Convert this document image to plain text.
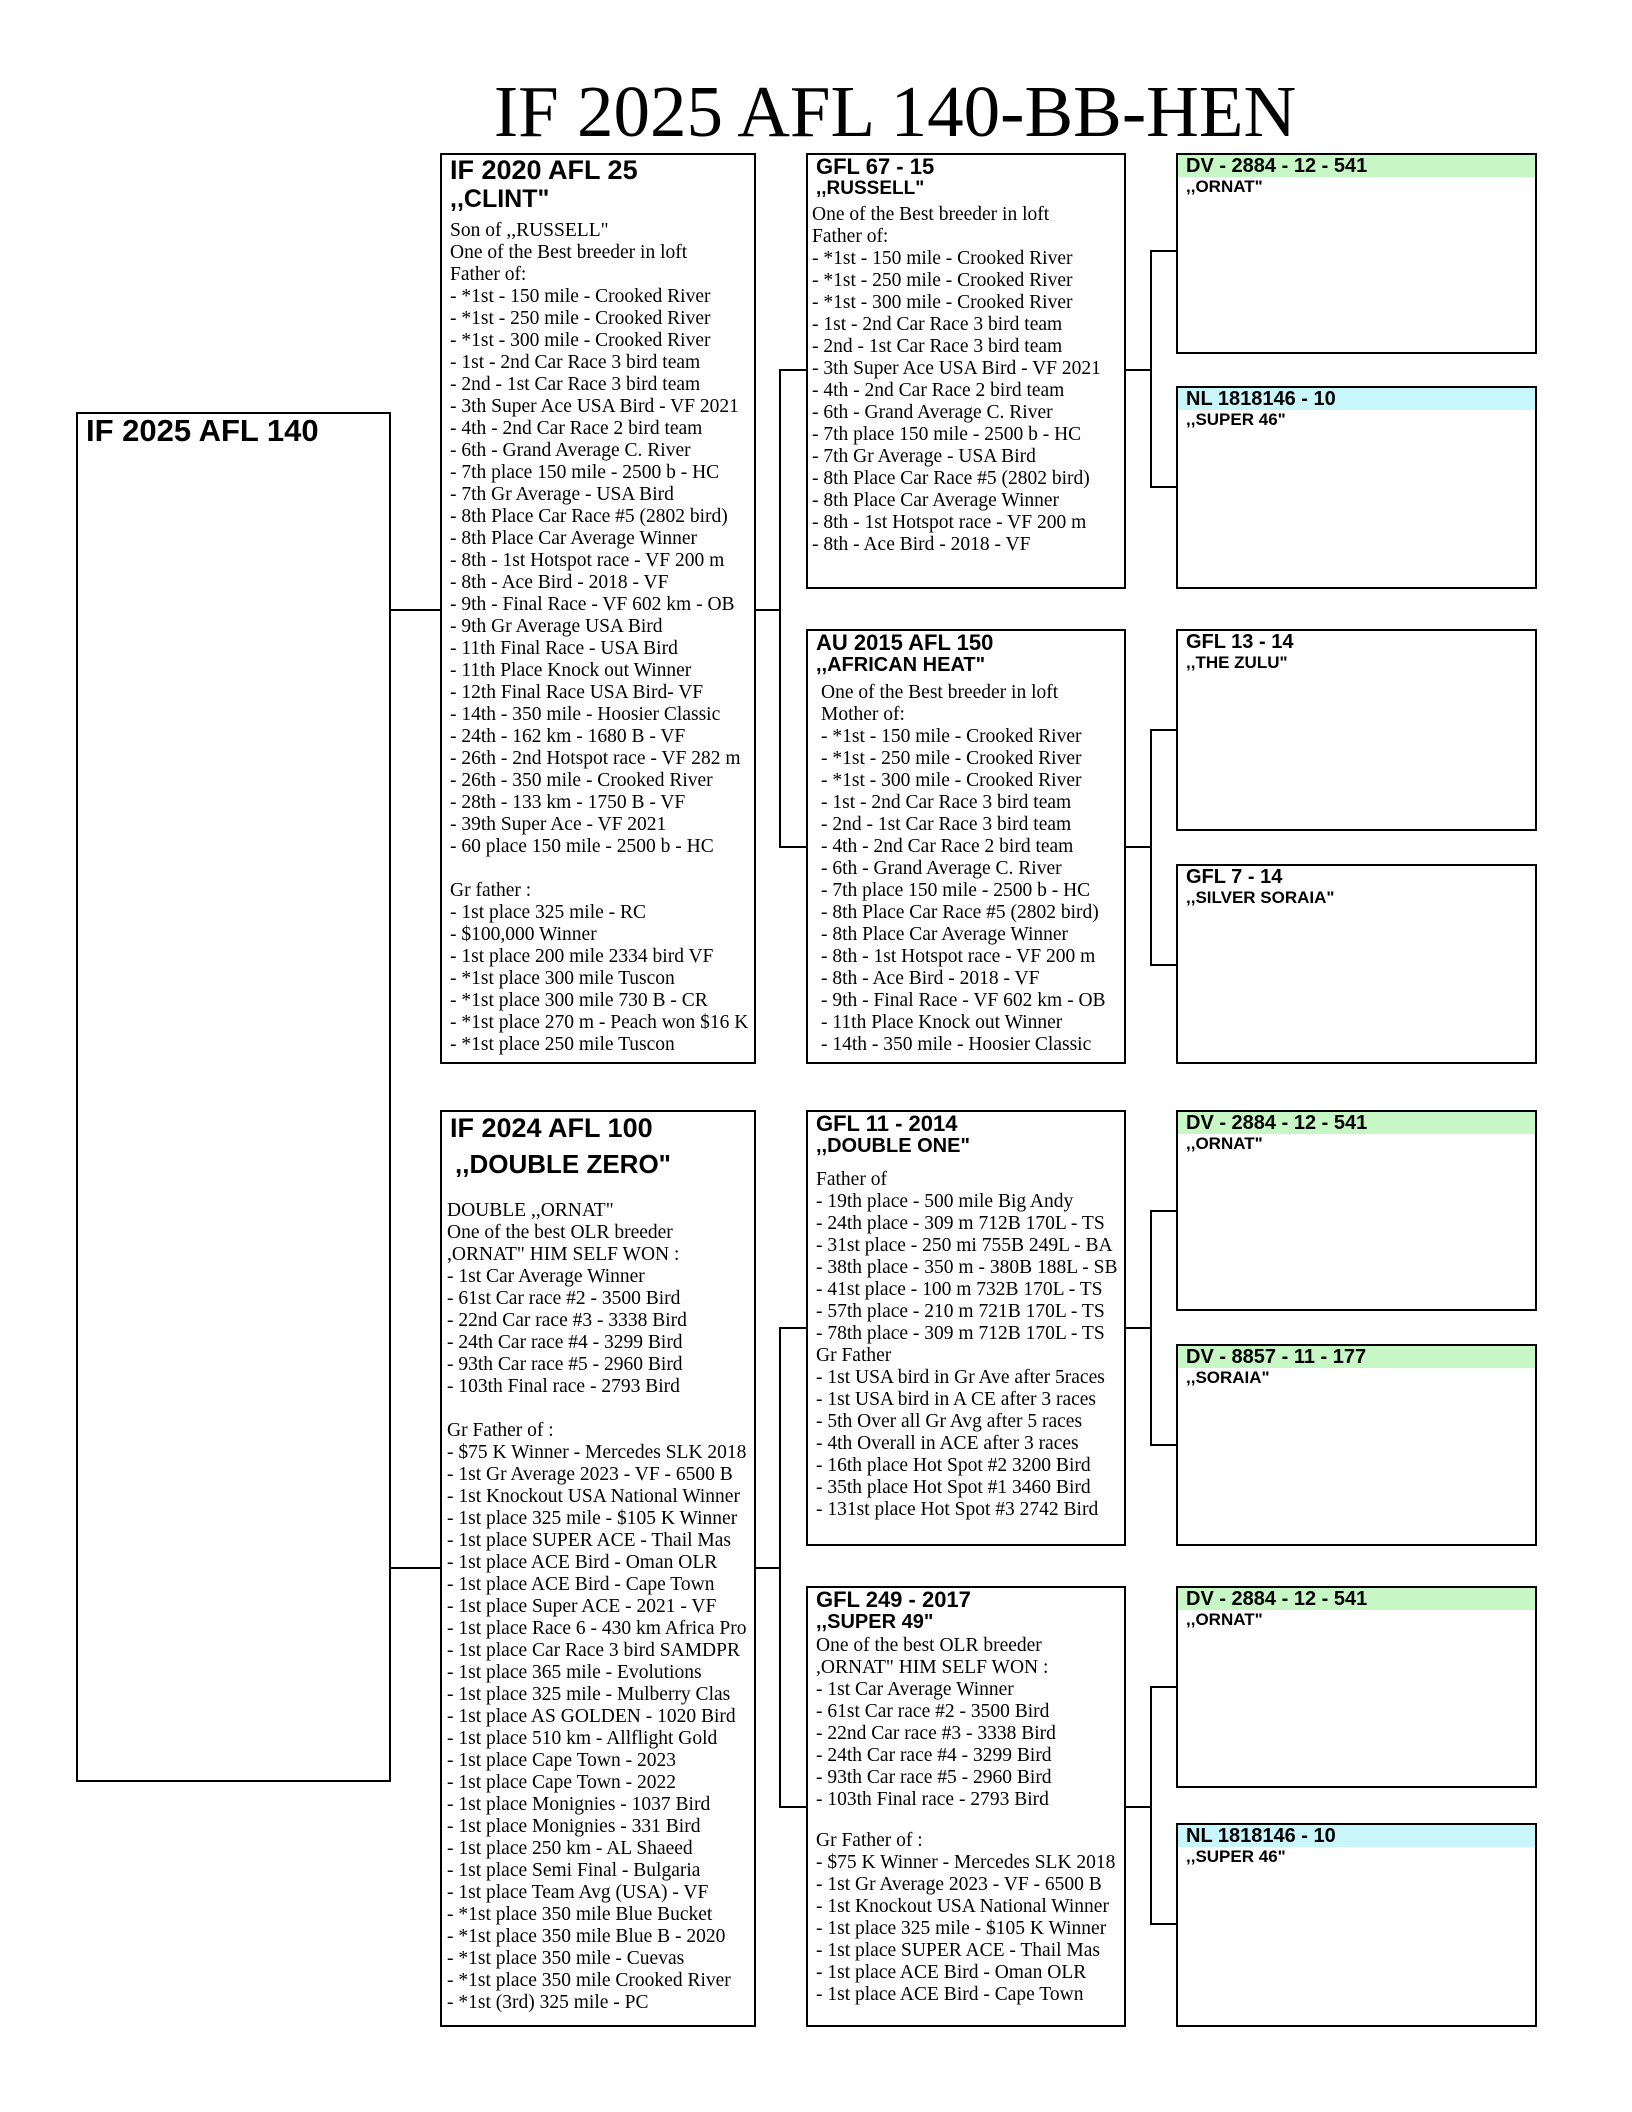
IF 2025 AFL 140-BB-HEN
IF 2025 AFL 140
IF 2020 AFL 25
,,CLINT"
Son of ,,RUSSELL"
One of the Best breeder in loft
Father of:
- *1st - 150 mile - Crooked River
- *1st - 250 mile - Crooked River
- *1st - 300 mile - Crooked River
- 1st - 2nd Car Race 3 bird team
- 2nd - 1st Car Race 3 bird team
- 3th Super Ace USA Bird - VF 2021
- 4th - 2nd Car Race 2 bird team
- 6th - Grand Average C. River
- 7th place 150 mile - 2500 b - HC
- 7th Gr Average - USA Bird
- 8th Place Car Race #5 (2802 bird)
- 8th Place Car Average Winner
- 8th - 1st Hotspot race - VF 200 m
- 8th - Ace Bird - 2018 - VF
- 9th - Final Race - VF 602 km - OB
- 9th Gr Average USA Bird
- 11th Final Race - USA Bird
- 11th Place Knock out Winner
- 12th Final Race USA Bird- VF
- 14th - 350 mile - Hoosier Classic
- 24th - 162 km - 1680 B - VF
- 26th - 2nd Hotspot race - VF 282 m
- 26th - 350 mile - Crooked River
- 28th - 133 km - 1750 B - VF
- 39th Super Ace - VF 2021
- 60 place 150 mile - 2500 b - HC
Gr father :
- 1st place 325 mile - RC
- $100,000 Winner
- 1st place 200 mile 2334 bird VF
- *1st place 300 mile Tuscon
- *1st place 300 mile 730 B - CR
- *1st place 270 m - Peach won $16 K
- *1st place 250 mile Tuscon
IF 2024 AFL 100
,,DOUBLE ZERO"
DOUBLE ,,ORNAT"
One of the best OLR breeder
,ORNAT" HIM SELF WON :
- 1st Car Average Winner
- 61st Car race #2 - 3500 Bird
- 22nd Car race #3 - 3338 Bird
- 24th Car race #4 - 3299 Bird
- 93th Car race #5 - 2960 Bird
- 103th Final race - 2793 Bird
Gr Father of :
- $75 K Winner - Mercedes SLK 2018
- 1st Gr Average 2023 - VF - 6500 B
- 1st Knockout USA National Winner
- 1st place 325 mile - $105 K Winner
- 1st place SUPER ACE - Thail Mas
- 1st place ACE Bird - Oman OLR
- 1st place ACE Bird - Cape Town
- 1st place Super ACE - 2021 - VF
- 1st place Race 6 - 430 km Africa Pro
- 1st place Car Race 3 bird SAMDPR
- 1st place 365 mile - Evolutions
- 1st place 325 mile - Mulberry Clas
- 1st place AS GOLDEN - 1020 Bird
- 1st place 510 km - Allflight Gold
- 1st place Cape Town - 2023
- 1st place Cape Town - 2022
- 1st place Monignies - 1037 Bird
- 1st place Monignies - 331 Bird
- 1st place 250 km - AL Shaeed
- 1st place Semi Final - Bulgaria
- 1st place Team Avg (USA) - VF
- *1st place 350 mile Blue Bucket
- *1st place 350 mile Blue B - 2020
- *1st place 350 mile - Cuevas
- *1st place 350 mile Crooked River
- *1st (3rd) 325 mile - PC
GFL 67 - 15
,,RUSSELL"
One of the Best breeder in loft
Father of:
- *1st - 150 mile - Crooked River
- *1st - 250 mile - Crooked River
- *1st - 300 mile - Crooked River
- 1st - 2nd Car Race 3 bird team
- 2nd - 1st Car Race 3 bird team
- 3th Super Ace USA Bird - VF 2021
- 4th - 2nd Car Race 2 bird team
- 6th - Grand Average C. River
- 7th place 150 mile - 2500 b - HC
- 7th Gr Average - USA Bird
- 8th Place Car Race #5 (2802 bird)
- 8th Place Car Average Winner
- 8th - 1st Hotspot race - VF 200 m
- 8th - Ace Bird - 2018 - VF
AU 2015 AFL 150
,,AFRICAN HEAT"
One of the Best breeder in loft
Mother of:
- *1st - 150 mile - Crooked River
- *1st - 250 mile - Crooked River
- *1st - 300 mile - Crooked River
- 1st - 2nd Car Race 3 bird team
- 2nd - 1st Car Race 3 bird team
- 4th - 2nd Car Race 2 bird team
- 6th - Grand Average C. River
- 7th place 150 mile - 2500 b - HC
- 8th Place Car Race #5 (2802 bird)
- 8th Place Car Average Winner
- 8th - 1st Hotspot race - VF 200 m
- 8th - Ace Bird - 2018 - VF
- 9th - Final Race - VF 602 km - OB
- 11th Place Knock out Winner
- 14th - 350 mile - Hoosier Classic
GFL 11 - 2014
,,DOUBLE ONE"
Father of
- 19th place - 500 mile Big Andy
- 24th place - 309 m 712B 170L - TS
- 31st place - 250 mi 755B 249L - BA
- 38th place - 350 m - 380B 188L - SB
- 41st place - 100 m 732B 170L - TS
- 57th place - 210 m 721B 170L - TS
- 78th place - 309 m 712B 170L - TS
Gr Father
- 1st USA bird in Gr Ave after 5races
- 1st USA bird in A CE after 3 races
- 5th Over all Gr Avg after 5 races
- 4th Overall in ACE after 3 races
- 16th place Hot Spot #2 3200 Bird
- 35th place Hot Spot #1 3460 Bird
- 131st place Hot Spot #3 2742 Bird
GFL 249 - 2017
,,SUPER 49"
One of the best OLR breeder
,ORNAT" HIM SELF WON :
- 1st Car Average Winner
- 61st Car race #2 - 3500 Bird
- 22nd Car race #3 - 3338 Bird
- 24th Car race #4 - 3299 Bird
- 93th Car race #5 - 2960 Bird
- 103th Final race - 2793 Bird
Gr Father of :
- $75 K Winner - Mercedes SLK 2018
- 1st Gr Average 2023 - VF - 6500 B
- 1st Knockout USA National Winner
- 1st place 325 mile - $105 K Winner
- 1st place SUPER ACE - Thail Mas
- 1st place ACE Bird - Oman OLR
- 1st place ACE Bird - Cape Town
DV - 2884 - 12 - 541
,,ORNAT"
NL 1818146 - 10
,,SUPER 46"
GFL 13 - 14
,,THE ZULU"
GFL 7 - 14
,,SILVER SORAIA"
DV - 2884 - 12 - 541
,,ORNAT"
DV - 8857 - 11 - 177
,,SORAIA"
DV - 2884 - 12 - 541
,,ORNAT"
NL 1818146 - 10
,,SUPER 46"
